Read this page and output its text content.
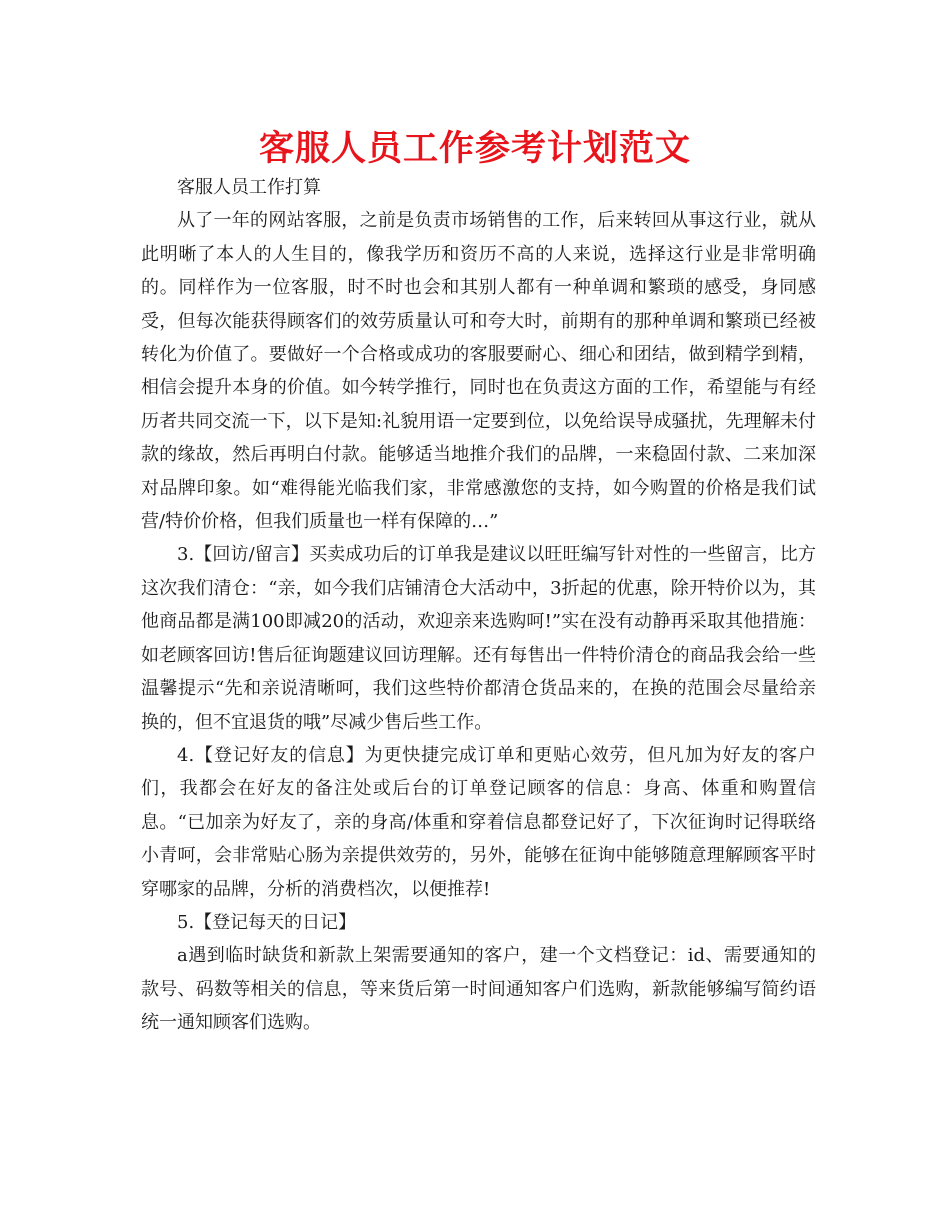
客服人员工作参考计划范文

客服人员工作打算

从了一年的网站客服，之前是负责市场销售的工作，后来转回从事这行业，就从此明晰了本人的人生目的，像我学历和资历不高的人来说，选择这行业是非常明确的。同样作为一位客服，时不时也会和其别人都有一种单调和繁琐的感受，身同感受，但每次能获得顾客们的效劳质量认可和夸大时，前期有的那种单调和繁琐已经被转化为价值了。要做好一个合格或成功的客服要耐心、细心和团结，做到精学到精，相信会提升本身的价值。如今转学推行，同时也在负责这方面的工作，希望能与有经历者共同交流一下，以下是知:礼貌用语一定要到位，以免给误导成骚扰，先理解未付款的缘故，然后再明白付款。能够适当地推介我们的品牌，一来稳固付款、二来加深对品牌印象。如“难得能光临我们家，非常感激您的支持，如今购置的价格是我们试营/特价价格，但我们质量也一样有保障的…”

3.【回访/留言】买卖成功后的订单我是建议以旺旺编写针对性的一些留言，比方这次我们清仓：“亲，如今我们店铺清仓大活动中，3折起的优惠，除开特价以为，其他商品都是满100即减20的活动，欢迎亲来选购呵!”实在没有动静再采取其他措施：如老顾客回访!售后征询题建议回访理解。还有每售出一件特价清仓的商品我会给一些温馨提示“先和亲说清晰呵，我们这些特价都清仓货品来的，在换的范围会尽量给亲换的，但不宜退货的哦”尽减少售后些工作。

4.【登记好友的信息】为更快捷完成订单和更贴心效劳，但凡加为好友的客户们，我都会在好友的备注处或后台的订单登记顾客的信息：身高、体重和购置信息。“已加亲为好友了，亲的身高/体重和穿着信息都登记好了，下次征询时记得联络小青呵，会非常贴心肠为亲提供效劳的，另外，能够在征询中能够随意理解顾客平时穿哪家的品牌，分析的消费档次，以便推荐!

5.【登记每天的日记】

a遇到临时缺货和新款上架需要通知的客户，建一个文档登记：id、需要通知的款号、码数等相关的信息，等来货后第一时间通知客户们选购，新款能够编写简约语统一通知顾客们选购。
